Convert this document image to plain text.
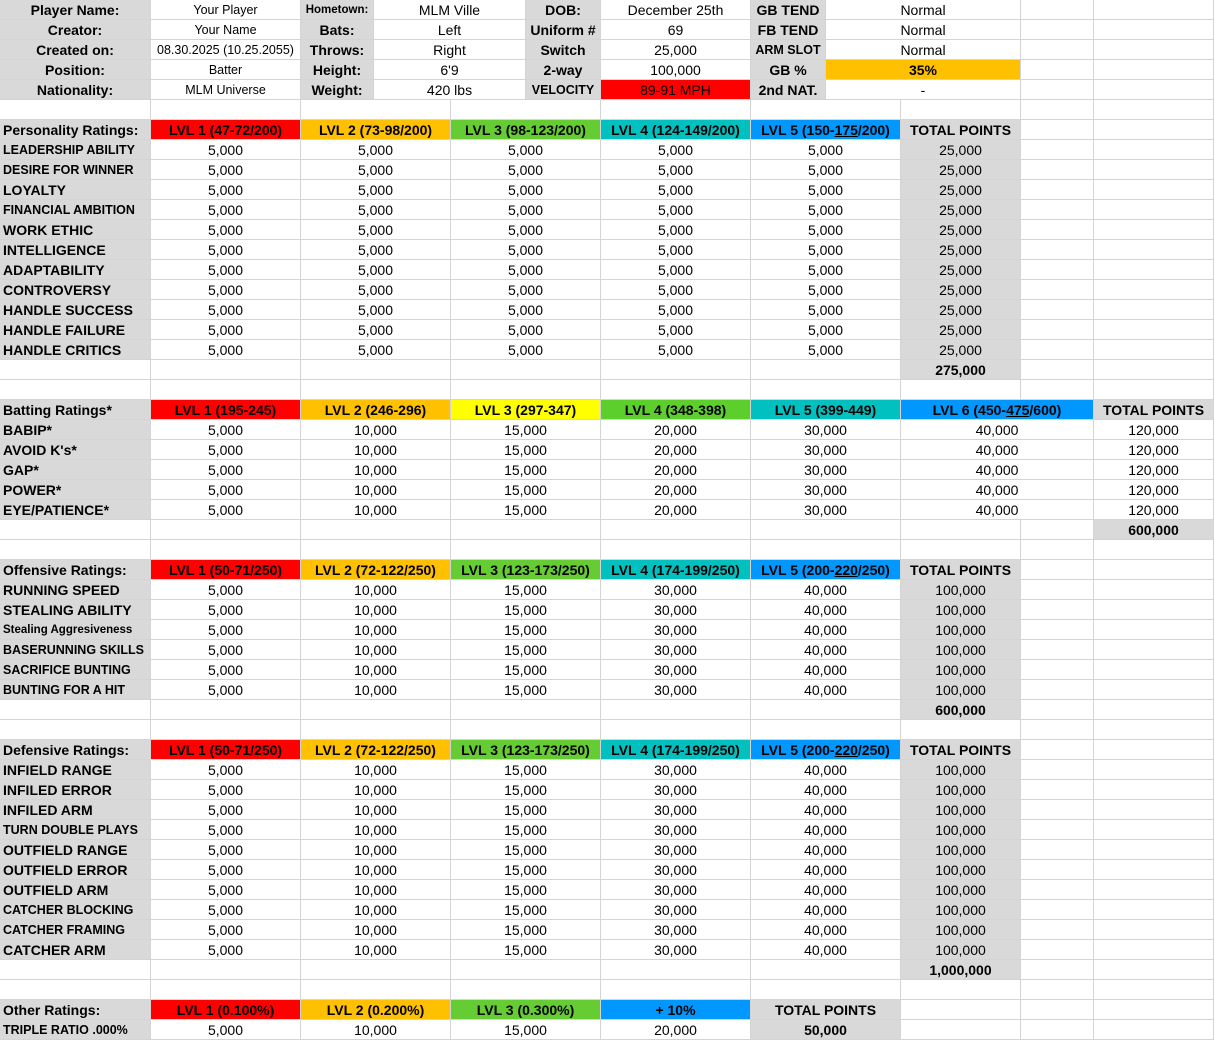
Player Name:	Your Player
Creator:	Your Name
Created on:	08.30.2025 (10.25.2055)
Position:	Batter
Nationality:	MLM Universe
Hometown:	MLM Ville
Bats:	Left
Throws:	Right
Height:	6'9
Weight:	420 lbs
DOB:	December 25th
Uniform #	69
Switch	25,000
2-way	100,000
VELOCITY	89-91 MPH
GB TEND	Normal
FB TEND	Normal
ARM SLOT	Normal
GB %	35%
2nd NAT.	-
Personality Ratings:	LVL 1 (47-72/200)	LVL 2 (73-98/200)	LVL 3 (98-123/200)	LVL 4 (124-149/200)	LVL 5 (150-175/200)	TOTAL POINTS
LEADERSHIP ABILITY	5,000	5,000	5,000	5,000	5,000	25,000
DESIRE FOR WINNER	5,000	5,000	5,000	5,000	5,000	25,000
LOYALTY	5,000	5,000	5,000	5,000	5,000	25,000
FINANCIAL AMBITION	5,000	5,000	5,000	5,000	5,000	25,000
WORK ETHIC	5,000	5,000	5,000	5,000	5,000	25,000
INTELLIGENCE	5,000	5,000	5,000	5,000	5,000	25,000
ADAPTABILITY	5,000	5,000	5,000	5,000	5,000	25,000
CONTROVERSY	5,000	5,000	5,000	5,000	5,000	25,000
HANDLE SUCCESS	5,000	5,000	5,000	5,000	5,000	25,000
HANDLE FAILURE	5,000	5,000	5,000	5,000	5,000	25,000
HANDLE CRITICS	5,000	5,000	5,000	5,000	5,000	25,000
275,000
Batting Ratings*	LVL 1 (195-245)	LVL 2 (246-296)	LVL 3 (297-347)	LVL 4 (348-398)	LVL 5 (399-449)	LVL 6 (450-475/600)	TOTAL POINTS
BABIP*	5,000	10,000	15,000	20,000	30,000	40,000	120,000
AVOID K's*	5,000	10,000	15,000	20,000	30,000	40,000	120,000
GAP*	5,000	10,000	15,000	20,000	30,000	40,000	120,000
POWER*	5,000	10,000	15,000	20,000	30,000	40,000	120,000
EYE/PATIENCE*	5,000	10,000	15,000	20,000	30,000	40,000	120,000
600,000
Offensive Ratings:	LVL 1 (50-71/250)	LVL 2 (72-122/250)	LVL 3 (123-173/250)	LVL 4 (174-199/250)	LVL 5 (200-220/250)	TOTAL POINTS
RUNNING SPEED	5,000	10,000	15,000	30,000	40,000	100,000
STEALING ABILITY	5,000	10,000	15,000	30,000	40,000	100,000
Stealing Aggresiveness	5,000	10,000	15,000	30,000	40,000	100,000
BASERUNNING SKILLS	5,000	10,000	15,000	30,000	40,000	100,000
SACRIFICE BUNTING	5,000	10,000	15,000	30,000	40,000	100,000
BUNTING FOR A HIT	5,000	10,000	15,000	30,000	40,000	100,000
600,000
Defensive Ratings:	LVL 1 (50-71/250)	LVL 2 (72-122/250)	LVL 3 (123-173/250)	LVL 4 (174-199/250)	LVL 5 (200-220/250)	TOTAL POINTS
INFIELD RANGE	5,000	10,000	15,000	30,000	40,000	100,000
INFILED ERROR	5,000	10,000	15,000	30,000	40,000	100,000
INFILED ARM	5,000	10,000	15,000	30,000	40,000	100,000
TURN DOUBLE PLAYS	5,000	10,000	15,000	30,000	40,000	100,000
OUTFIELD RANGE	5,000	10,000	15,000	30,000	40,000	100,000
OUTFIELD ERROR	5,000	10,000	15,000	30,000	40,000	100,000
OUTFIELD ARM	5,000	10,000	15,000	30,000	40,000	100,000
CATCHER BLOCKING	5,000	10,000	15,000	30,000	40,000	100,000
CATCHER FRAMING	5,000	10,000	15,000	30,000	40,000	100,000
CATCHER ARM	5,000	10,000	15,000	30,000	40,000	100,000
1,000,000
Other Ratings:	LVL 1 (0.100%)	LVL 2 (0.200%)	LVL 3 (0.300%)	+ 10%	TOTAL POINTS
TRIPLE RATIO .000%	5,000	10,000	15,000	20,000	50,000
